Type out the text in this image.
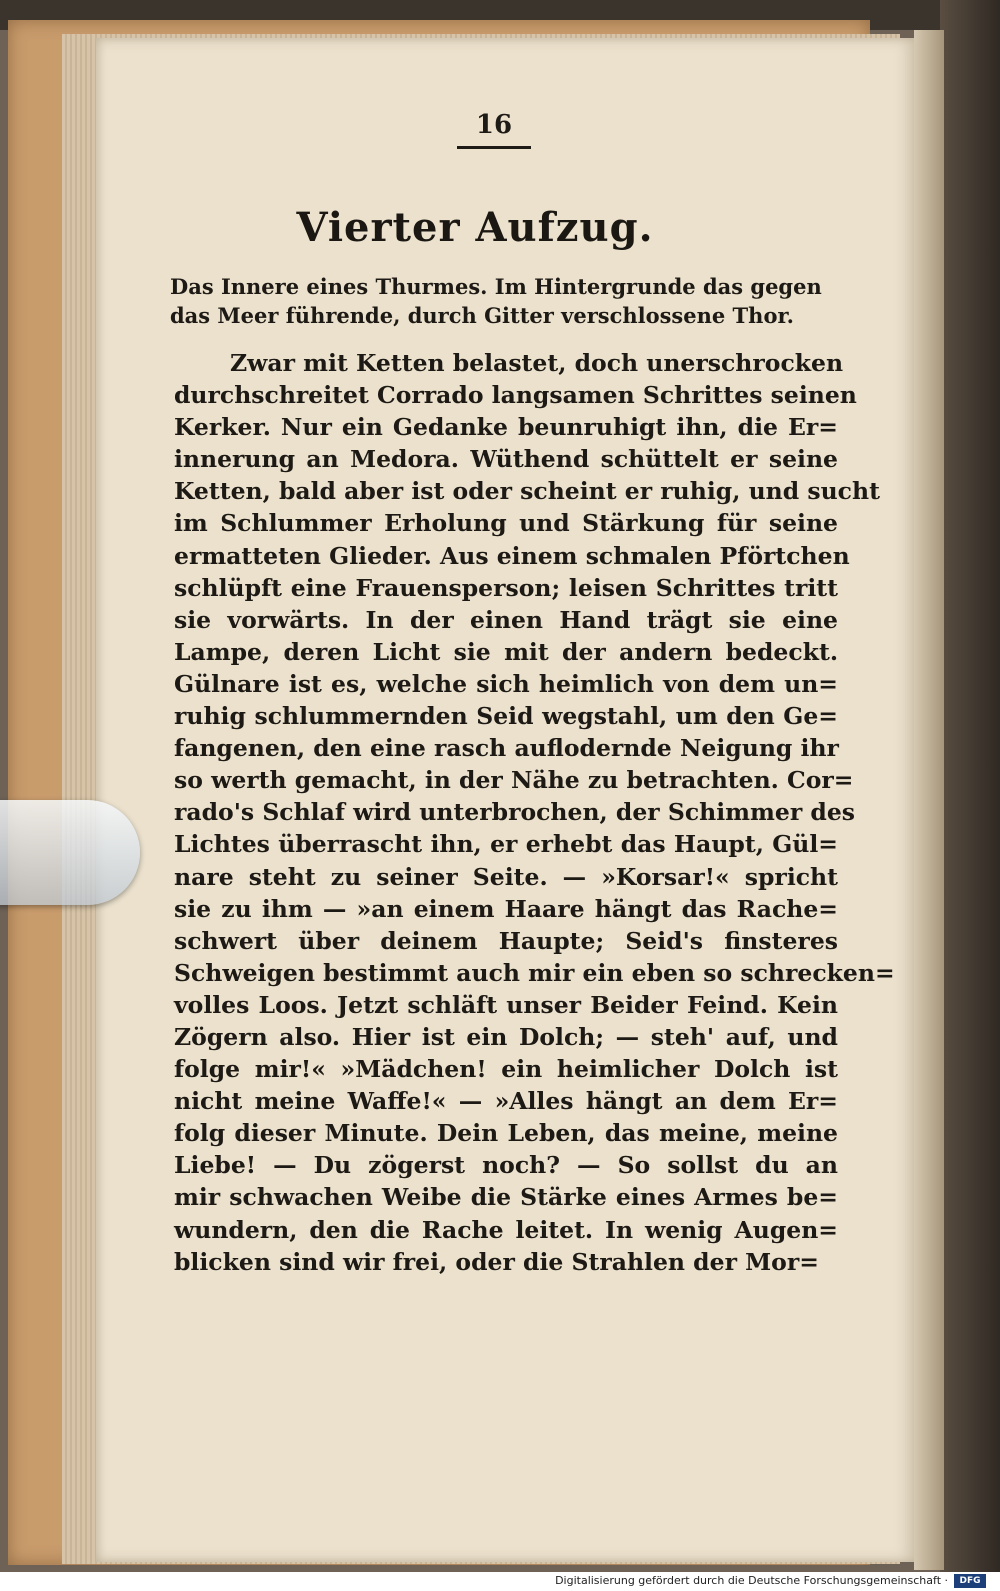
16
Vierter Aufzug.
Das Innere eines Thurmes. Im Hintergrunde das gegen
das Meer führende, durch Gitter verschlossene Thor.
Zwar mit Ketten belastet, doch unerschrocken
durchschreitet Corrado langsamen Schrittes seinen
Kerker. Nur ein Gedanke beunruhigt ihn, die Er=
innerung an Medora. Wüthend schüttelt er seine
Ketten, bald aber ist oder scheint er ruhig, und sucht
im Schlummer Erholung und Stärkung für seine
ermatteten Glieder. Aus einem schmalen Pförtchen
schlüpft eine Frauensperson; leisen Schrittes tritt
sie vorwärts. In der einen Hand trägt sie eine
Lampe, deren Licht sie mit der andern bedeckt.
Gülnare ist es, welche sich heimlich von dem un=
ruhig schlummernden Seid wegstahl, um den Ge=
fangenen, den eine rasch auflodernde Neigung ihr
so werth gemacht, in der Nähe zu betrachten. Cor=
rado's Schlaf wird unterbrochen, der Schimmer des
Lichtes überrascht ihn, er erhebt das Haupt, Gül=
nare steht zu seiner Seite. — »Korsar!« spricht
sie zu ihm — »an einem Haare hängt das Rache=
schwert über deinem Haupte; Seid's finsteres
Schweigen bestimmt auch mir ein eben so schrecken=
volles Loos. Jetzt schläft unser Beider Feind. Kein
Zögern also. Hier ist ein Dolch; — steh' auf, und
folge mir!« »Mädchen! ein heimlicher Dolch ist
nicht meine Waffe!« — »Alles hängt an dem Er=
folg dieser Minute. Dein Leben, das meine, meine
Liebe! — Du zögerst noch? — So sollst du an
mir schwachen Weibe die Stärke eines Armes be=
wundern, den die Rache leitet. In wenig Augen=
blicken sind wir frei, oder die Strahlen der Mor=
Digitalisierung gefördert durch die Deutsche Forschungsgemeinschaft ·	DFG
